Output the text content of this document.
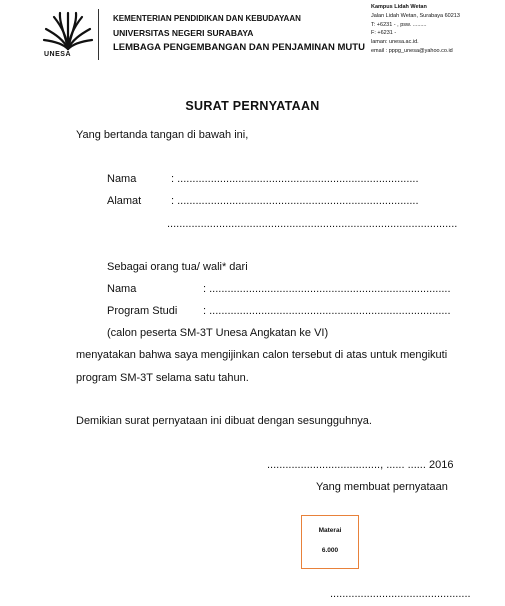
UNESA
KEMENTERIAN PENDIDIKAN DAN KEBUDAYAAN
UNIVERSITAS NEGERI SURABAYA
LEMBAGA PENGEMBANGAN DAN PENJAMINAN MUTU
Kampus Lidah Wetan
Jalan Lidah Wetan, Surabaya 60213
T: +6231 - , psw. .........
F: +6231 -
laman: unesa.ac.id.
email : pppg_unesa@yahoo.co.id
SURAT PERNYATAAN
Yang bertanda tangan di bawah ini,
Nama	: ...............................................................................
Alamat	: ...............................................................................
...............................................................................................
Sebagai orang tua/ wali* dari
Nama	: ...............................................................................
Program Studi : ...............................................................................
(calon peserta SM-3T Unesa Angkatan ke VI)
menyatakan bahwa saya mengijinkan calon tersebut di atas untuk mengikuti
program SM-3T selama satu tahun.
Demikian surat pernyataan ini dibuat dengan sesungguhnya.
....................................., ...... ...... 2016
Yang membuat pernyataan
Materai
6.000
..............................................
